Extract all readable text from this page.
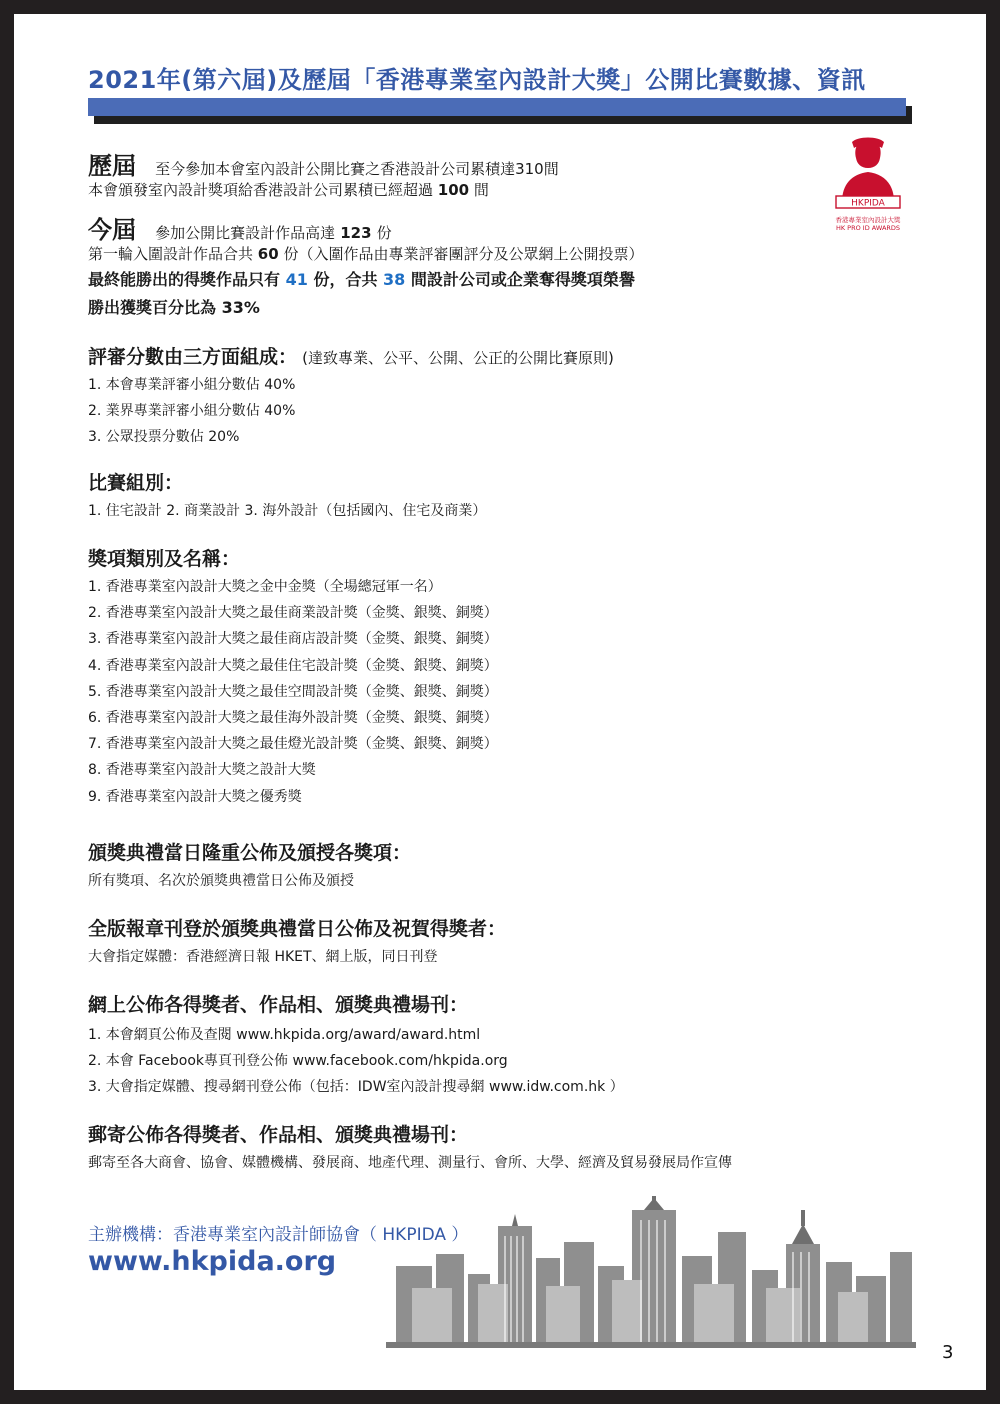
2021年(第六屆)及歷屆「香港專業室內設計大獎」公開比賽數據、資訊
HKPIDA
香港專業室內設計大獎
HK PRO ID AWARDS
歷屆 至今參加本會室內設計公開比賽之香港設計公司累積達310間
本會頒發室內設計獎項給香港設計公司累積已經超過 100 間
今屆 參加公開比賽設計作品高達 123 份
第一輪入圍設計作品合共 60 份（入圍作品由專業評審團評分及公眾網上公開投票）
最終能勝出的得獎作品只有 41 份，合共 38 間設計公司或企業奪得獎項榮譽
勝出獲獎百分比為 33%
評審分數由三方面組成： (達致專業、公平、公開、公正的公開比賽原則)
1. 本會專業評審小組分數佔 40%
2. 業界專業評審小組分數佔 40%
3. 公眾投票分數佔 20%
比賽組別：
1. 住宅設計 2. 商業設計 3. 海外設計（包括國內、住宅及商業）
獎項類別及名稱：
1. 香港專業室內設計大獎之金中金獎（全場總冠軍一名）
2. 香港專業室內設計大獎之最佳商業設計獎（金獎、銀獎、銅獎）
3. 香港專業室內設計大獎之最佳商店設計獎（金獎、銀獎、銅獎）
4. 香港專業室內設計大獎之最佳住宅設計獎（金獎、銀獎、銅獎）
5. 香港專業室內設計大獎之最佳空間設計獎（金獎、銀獎、銅獎）
6. 香港專業室內設計大獎之最佳海外設計獎（金獎、銀獎、銅獎）
7. 香港專業室內設計大獎之最佳燈光設計獎（金獎、銀獎、銅獎）
8. 香港專業室內設計大獎之設計大獎
9. 香港專業室內設計大獎之優秀獎
頒獎典禮當日隆重公佈及頒授各獎項：
所有獎項、名次於頒獎典禮當日公佈及頒授
全版報章刊登於頒獎典禮當日公佈及祝賀得獎者：
大會指定媒體：香港經濟日報 HKET、網上版，同日刊登
網上公佈各得獎者、作品相、頒獎典禮場刊：
1. 本會網頁公佈及查閱 www.hkpida.org/award/award.html
2. 本會 Facebook專頁刊登公佈 www.facebook.com/hkpida.org
3. 大會指定媒體、搜尋網刊登公佈（包括：IDW室內設計搜尋網 www.idw.com.hk ）
郵寄公佈各得獎者、作品相、頒獎典禮場刊：
郵寄至各大商會、協會、媒體機構、發展商、地產代理、測量行、會所、大學、經濟及貿易發展局作宣傳
主辦機構：香港專業室內設計師協會（ HKPIDA ）
www.hkpida.org
3
